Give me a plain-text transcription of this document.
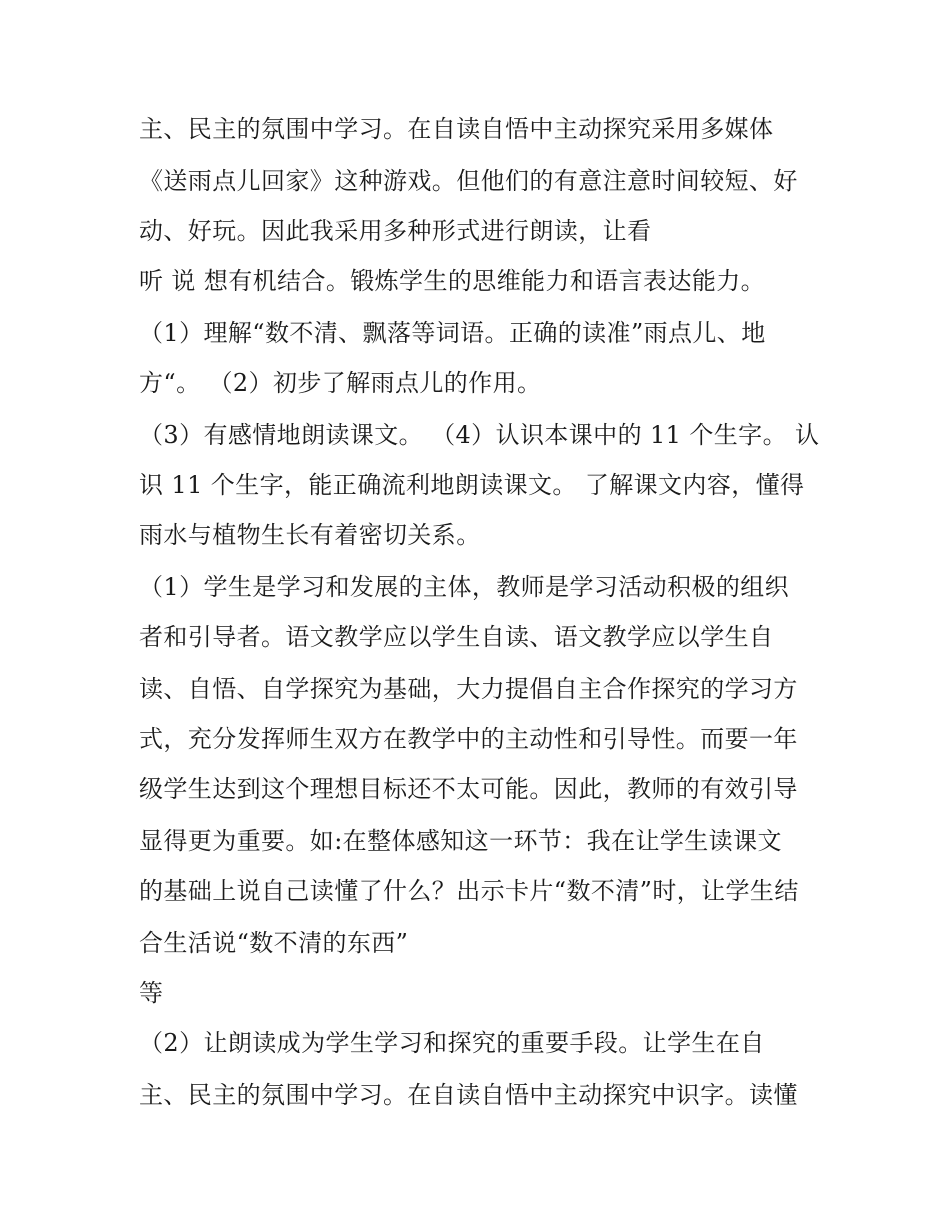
主、民主的氛围中学习。在自读自悟中主动探究采用多媒体
《送雨点儿回家》这种游戏。但他们的有意注意时间较短、好
动、好玩。因此我采用多种形式进行朗读，让看
听 说 想有机结合。锻炼学生的思维能力和语言表达能力。
（1）理解“数不清、飘落等词语。正确的读准”雨点儿、地
方“。 （2）初步了解雨点儿的作用。
（3）有感情地朗读课文。 （4）认识本课中的 11 个生字。 认
识 11 个生字，能正确流利地朗读课文。 了解课文内容，懂得
雨水与植物生长有着密切关系。
（1）学生是学习和发展的主体，教师是学习活动积极的组织
者和引导者。语文教学应以学生自读、语文教学应以学生自
读、自悟、自学探究为基础，大力提倡自主合作探究的学习方
式，充分发挥师生双方在教学中的主动性和引导性。而要一年
级学生达到这个理想目标还不太可能。因此，教师的有效引导
显得更为重要。如:在整体感知这一环节：我在让学生读课文
的基础上说自己读懂了什么？出示卡片“数不清”时，让学生结
合生活说“数不清的东西”
等
（2）让朗读成为学生学习和探究的重要手段。让学生在自
主、民主的氛围中学习。在自读自悟中主动探究中识字。读懂
